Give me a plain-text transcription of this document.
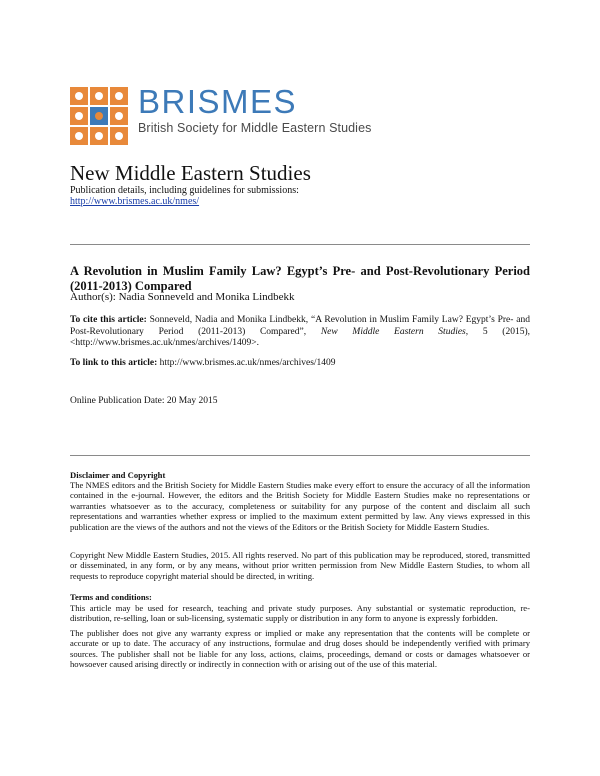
BRISMES
British Society for Middle Eastern Studies
New Middle Eastern Studies
Publication details, including guidelines for submissions:
http://www.brismes.ac.uk/nmes/
A Revolution in Muslim Family Law? Egypt’s Pre- and Post-Revolutionary Period (2011-2013) Compared
Author(s): Nadia Sonneveld and Monika Lindbekk
To cite this article: Sonneveld, Nadia and Monika Lindbekk, “A Revolution in Muslim Family Law? Egypt’s Pre- and Post-Revolutionary Period (2011-2013) Compared”, New Middle Eastern Studies, 5 (2015), <http://www.brismes.ac.uk/nmes/archives/1409>.
To link to this article: http://www.brismes.ac.uk/nmes/archives/1409
Online Publication Date: 20 May 2015
Disclaimer and Copyright
The NMES editors and the British Society for Middle Eastern Studies make every effort to ensure the accuracy of all the information contained in the e-journal. However, the editors and the British Society for Middle Eastern Studies make no representations or warranties whatsoever as to the accuracy, completeness or suitability for any purpose of the content and disclaim all such representations and warranties whether express or implied to the maximum extent permitted by law. Any views expressed in this publication are the views of the authors and not the views of the Editors or the British Society for Middle Eastern Studies.
Copyright New Middle Eastern Studies, 2015. All rights reserved. No part of this publication may be reproduced, stored, transmitted or disseminated, in any form, or by any means, without prior written permission from New Middle Eastern Studies, to whom all requests to reproduce copyright material should be directed, in writing.
Terms and conditions:
This article may be used for research, teaching and private study purposes. Any substantial or systematic reproduction, re-distribution, re-selling, loan or sub-licensing, systematic supply or distribution in any form to anyone is expressly forbidden.
The publisher does not give any warranty express or implied or make any representation that the contents will be complete or accurate or up to date. The accuracy of any instructions, formulae and drug doses should be independently verified with primary sources. The publisher shall not be liable for any loss, actions, claims, proceedings, demand or costs or damages whatsoever or howsoever caused arising directly or indirectly in connection with or arising out of the use of this material.
